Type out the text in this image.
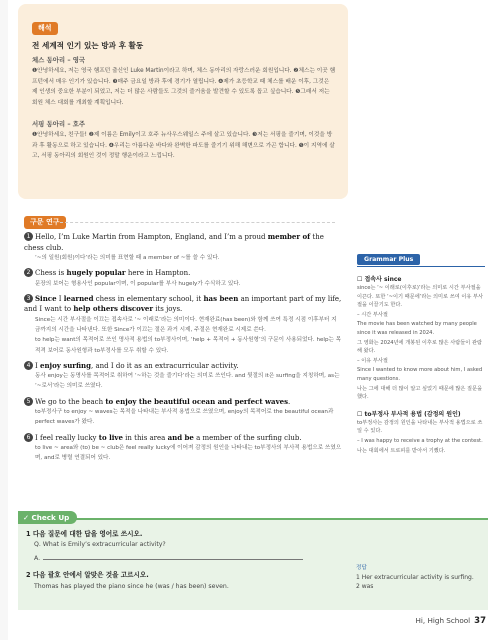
해석
전 세계적 인기 있는 방과 후 활동
체스 동아리 – 영국
❶안녕하세요, 저는 영국 햄프턴 출신인 Luke Martin이라고 하며, 체스 동아리의 자랑스러운 회원입니다. ❷체스는 이곳 햄프턴에서 매우 인기가 있습니다. ❸매주 금요일 방과 후에 경기가 열립니다. ❹제가 초등학교 때 체스를 배운 이후, 그것은 제 인생의 중요한 부분이 되었고, 저는 더 많은 사람들도 그것의 즐거움을 발견할 수 있도록 돕고 싶습니다. ❺그래서 저는 회원 체스 대회를 개최할 계획입니다.
서핑 동아리 – 호주
❶안녕하세요, 친구들! ❷제 이름은 Emily이고 호주 뉴사우스웨일스 주에 살고 있습니다. ❸저는 서핑을 즐기며, 이것을 방과 후 활동으로 하고 있습니다. ❹우리는 아름다운 바다와 완벽한 파도를 즐기기 위해 해변으로 가곤 합니다. ❺이 지역에 살고, 서핑 동아리의 회원인 것이 정말 행운이라고 느낍니다.
구문 연구
1 Hello, I’m Luke Martin from Hampton, England, and I’m a proud member of the chess club.
‘~의 일원(회원)이다’라는 의미를 표현할 때 a member of ~를 쓸 수 있다.
2 Chess is hugely popular here in Hampton.
문장의 보어는 형용사인 popular이며, 이 popular를 부사 hugely가 수식하고 있다.
3 Since I learned chess in elementary school, it has been an important part of my life, and I want to help others discover its joys.
Since는 시간 부사절을 이끄는 접속사로 ‘~ 이래로’라는 의미이다. 현재완료(has been)와 함께 쓰여 특정 시점 이후부터 지금까지의 시간을 나타낸다. 또한 Since가 이끄는 절은 과거 시제, 주절은 현재완료 시제로 쓴다.
to help는 want의 목적어로 쓰인 명사적 용법의 to부정사이며, ‘help + 목적어 + 동사원형’의 구문이 사용되었다. help는 목적격 보어로 동사원형과 to부정사를 모두 취할 수 있다.
4 I enjoy surfing, and I do it as an extracurricular activity.
동사 enjoy는 동명사를 목적어로 취하여 ‘~하는 것을 즐기다’라는 의미로 쓰인다. and 뒷절의 it은 surfing을 지칭하며, as는 ‘~로서’라는 의미로 쓰였다.
5 We go to the beach to enjoy the beautiful ocean and perfect waves.
to부정사구 to enjoy ~ waves는 목적을 나타내는 부사적 용법으로 쓰였으며, enjoy의 목적어로 the beautiful ocean과 perfect waves가 왔다.
6 I feel really lucky to live in this area and be a member of the surfing club.
to live ~ area와 (to) be ~ club은 feel really lucky에 이어져 감정의 원인을 나타내는 to부정사의 부사적 용법으로 쓰였으며, and로 병렬 연결되어 있다.
Grammar Plus
☐ 접속사 since
since는 ‘~ 이래로(이후로)’라는 의미로 시간 부사절을 이끈다. 또한 ‘~이기 때문에’라는 의미로 쓰여 이유 부사절을 이끌기도 한다.
– 시간 부사절
The movie has been watched by many people since it was released in 2024.
그 영화는 2024년에 개봉된 이후로 많은 사람들이 관람해 왔다.
– 이유 부사절
Since I wanted to know more about him, I asked many questions.
나는 그에 대해 더 많이 알고 싶었기 때문에 많은 질문을 했다.
☐ to부정사 부사적 용법 (감정의 원인)
to부정사는 감정의 원인을 나타내는 부사적 용법으로 쓰일 수 있다.
– I was happy to receive a trophy at the contest.
나는 대회에서 트로피를 받아서 기뻤다.
✓ Check Up
1 다음 질문에 대한 답을 영어로 쓰시오.
Q. What is Emily’s extracurricular activity?
A.
2 다음 괄호 안에서 알맞은 것을 고르시오.
Thomas has played the piano since he (was / has been) seven.
정답
1 Her extracurricular activity is surfing.
2 was
Hi, High School 37
